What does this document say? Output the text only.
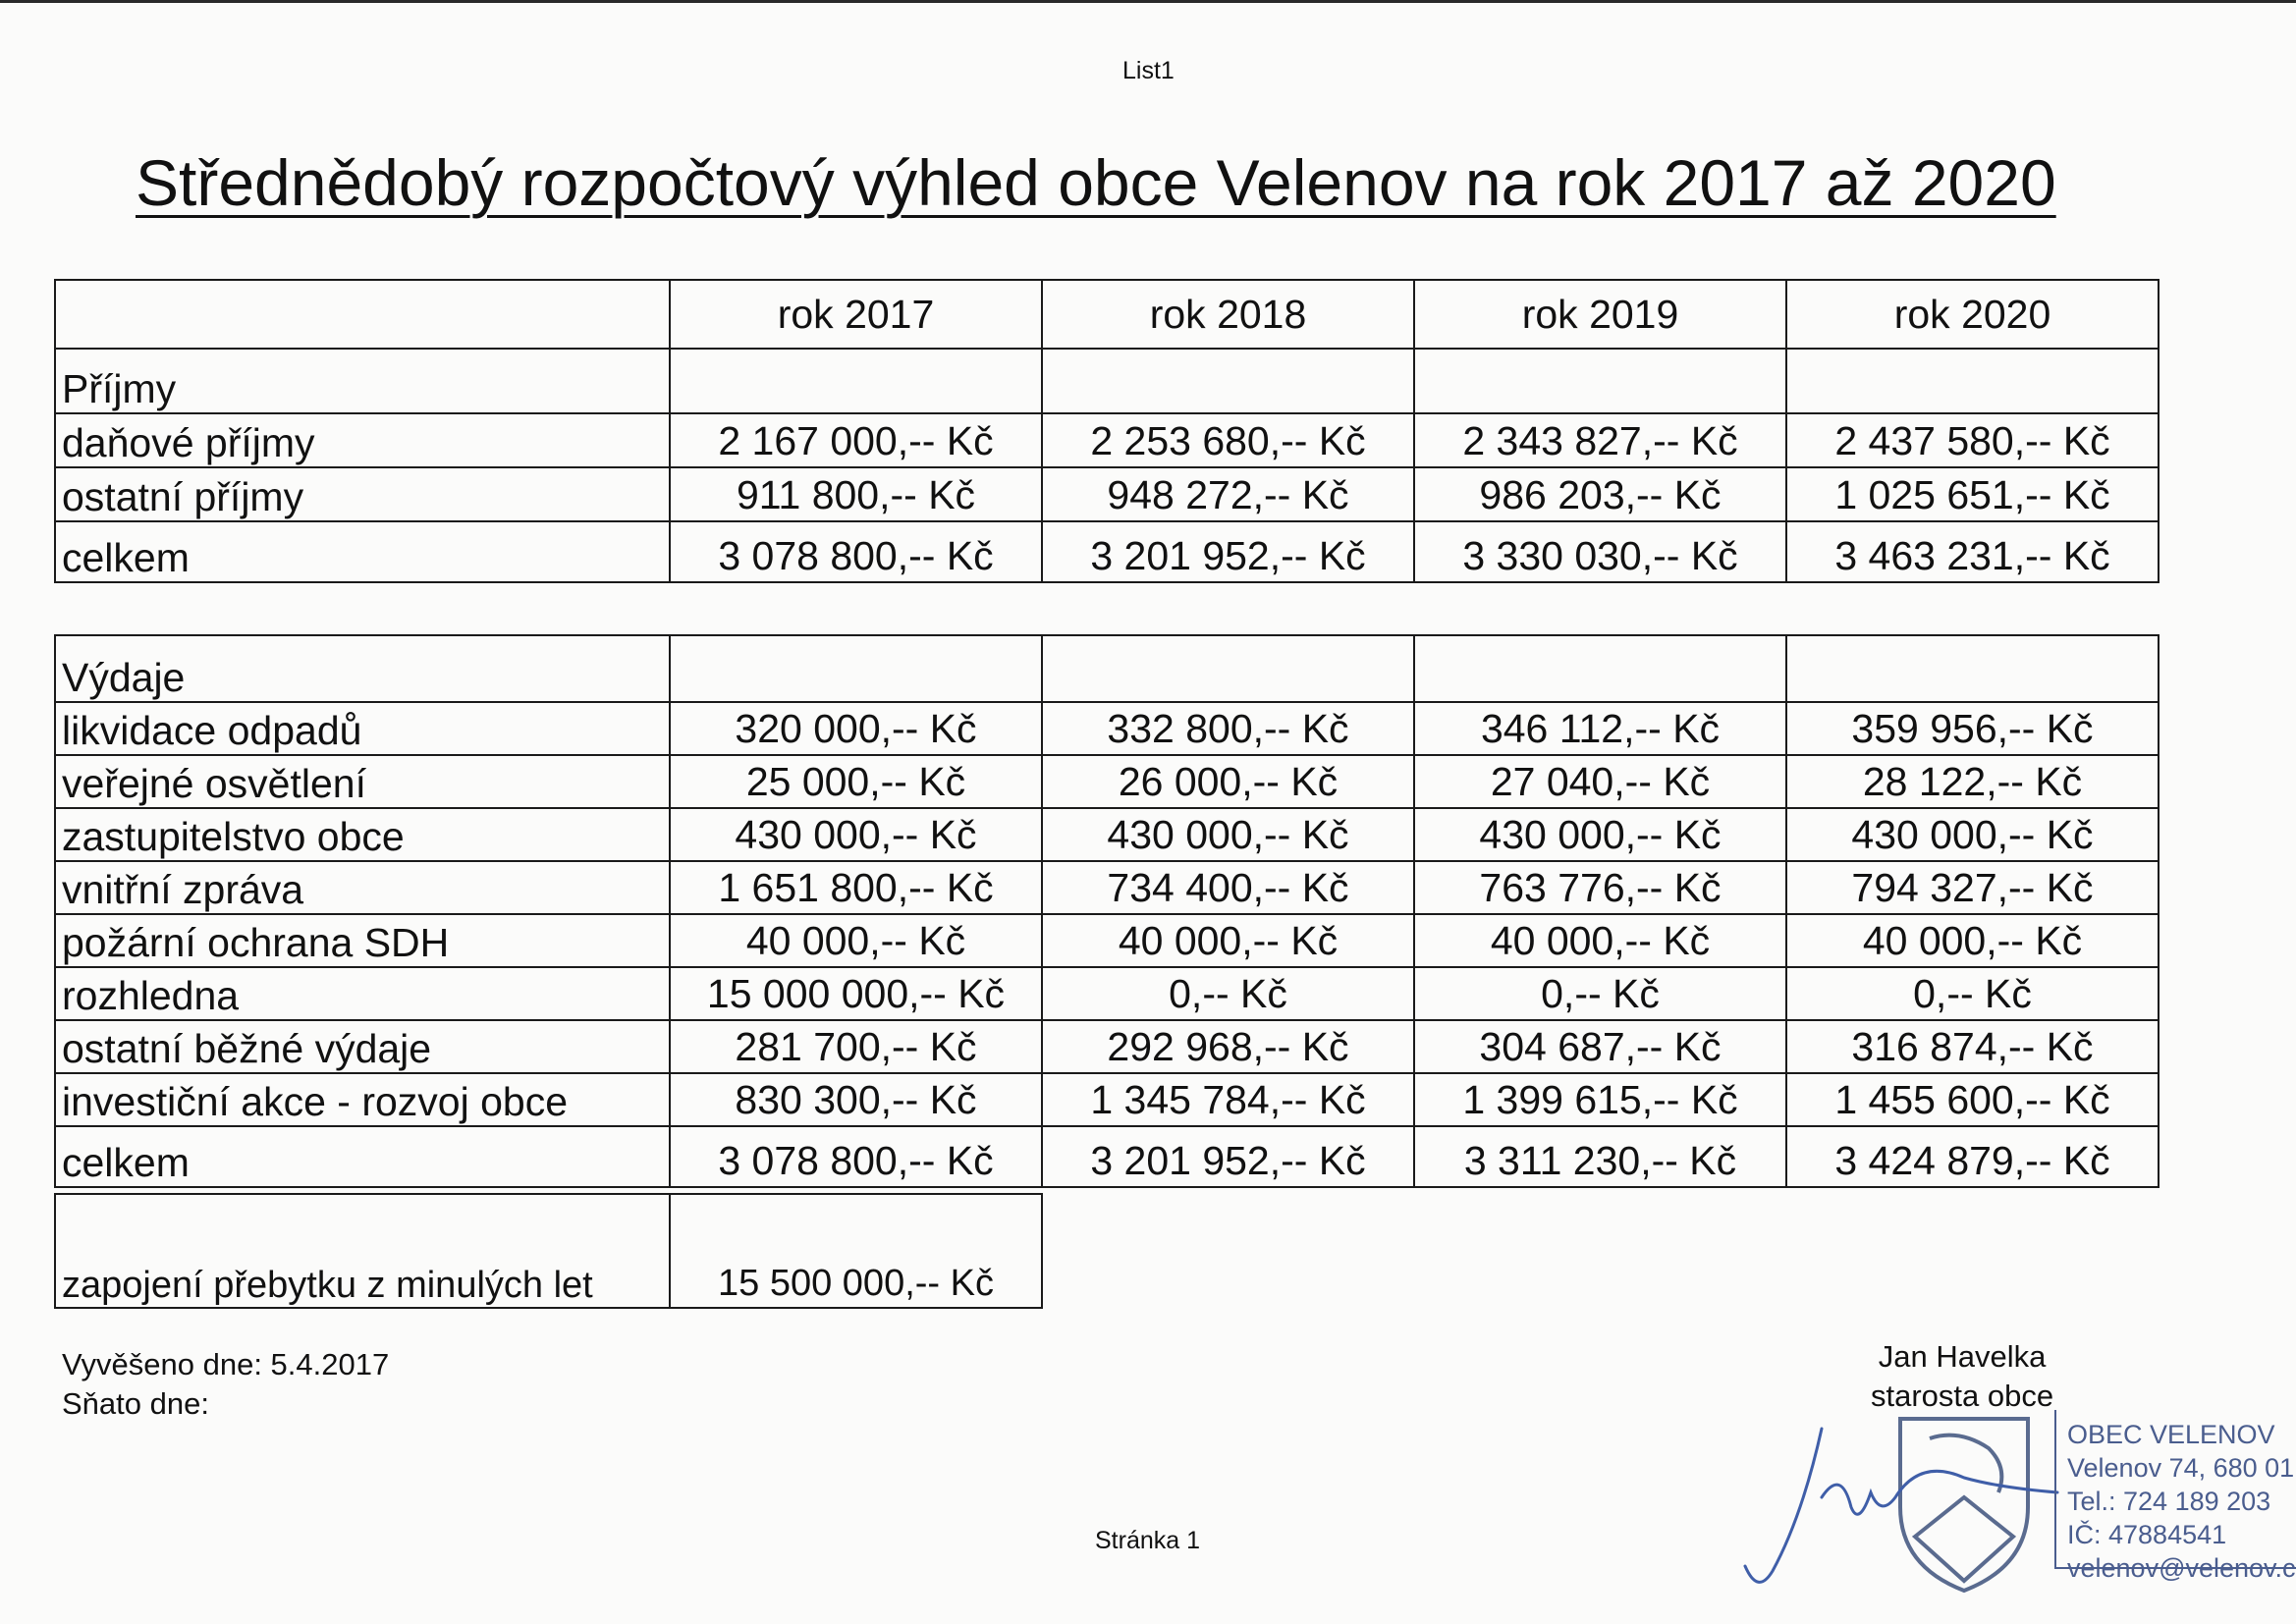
List1
Střednědobý rozpočtový výhled obce Velenov na rok 2017 až 2020
	rok 2017	rok 2018	rok 2019	rok 2020
Příjmy				
daňové příjmy	2 167 000,-- Kč	2 253 680,-- Kč	2 343 827,-- Kč	2 437 580,-- Kč
ostatní příjmy	911 800,-- Kč	948 272,-- Kč	986 203,-- Kč	1 025 651,-- Kč
celkem	3 078 800,-- Kč	3 201 952,-- Kč	3 330 030,-- Kč	3 463 231,-- Kč
Výdaje				
likvidace odpadů	320 000,-- Kč	332 800,-- Kč	346 112,-- Kč	359 956,-- Kč
veřejné osvětlení	25 000,-- Kč	26 000,-- Kč	27 040,-- Kč	28 122,-- Kč
zastupitelstvo obce	430 000,-- Kč	430 000,-- Kč	430 000,-- Kč	430 000,-- Kč
vnitřní zpráva	1 651 800,-- Kč	734 400,-- Kč	763 776,-- Kč	794 327,-- Kč
požární ochrana SDH	40 000,-- Kč	40 000,-- Kč	40 000,-- Kč	40 000,-- Kč
rozhledna	15 000 000,-- Kč	0,-- Kč	0,-- Kč	0,-- Kč
ostatní běžné výdaje	281 700,-- Kč	292 968,-- Kč	304 687,-- Kč	316 874,-- Kč
investiční akce - rozvoj obce	830 300,-- Kč	1 345 784,-- Kč	1 399 615,-- Kč	1 455 600,-- Kč
celkem	3 078 800,-- Kč	3 201 952,-- Kč	3 311 230,-- Kč	3 424 879,-- Kč
zapojení přebytku z minulých let	15 500 000,-- Kč
Vyvěšeno dne: 5.4.2017
Sňato dne:
Jan Havelka
starosta obce
OBEC VELENOV
Velenov 74, 680 01
Tel.: 724 189 203
IČ: 47884541
velenov@velenov.c
Stránka 1
